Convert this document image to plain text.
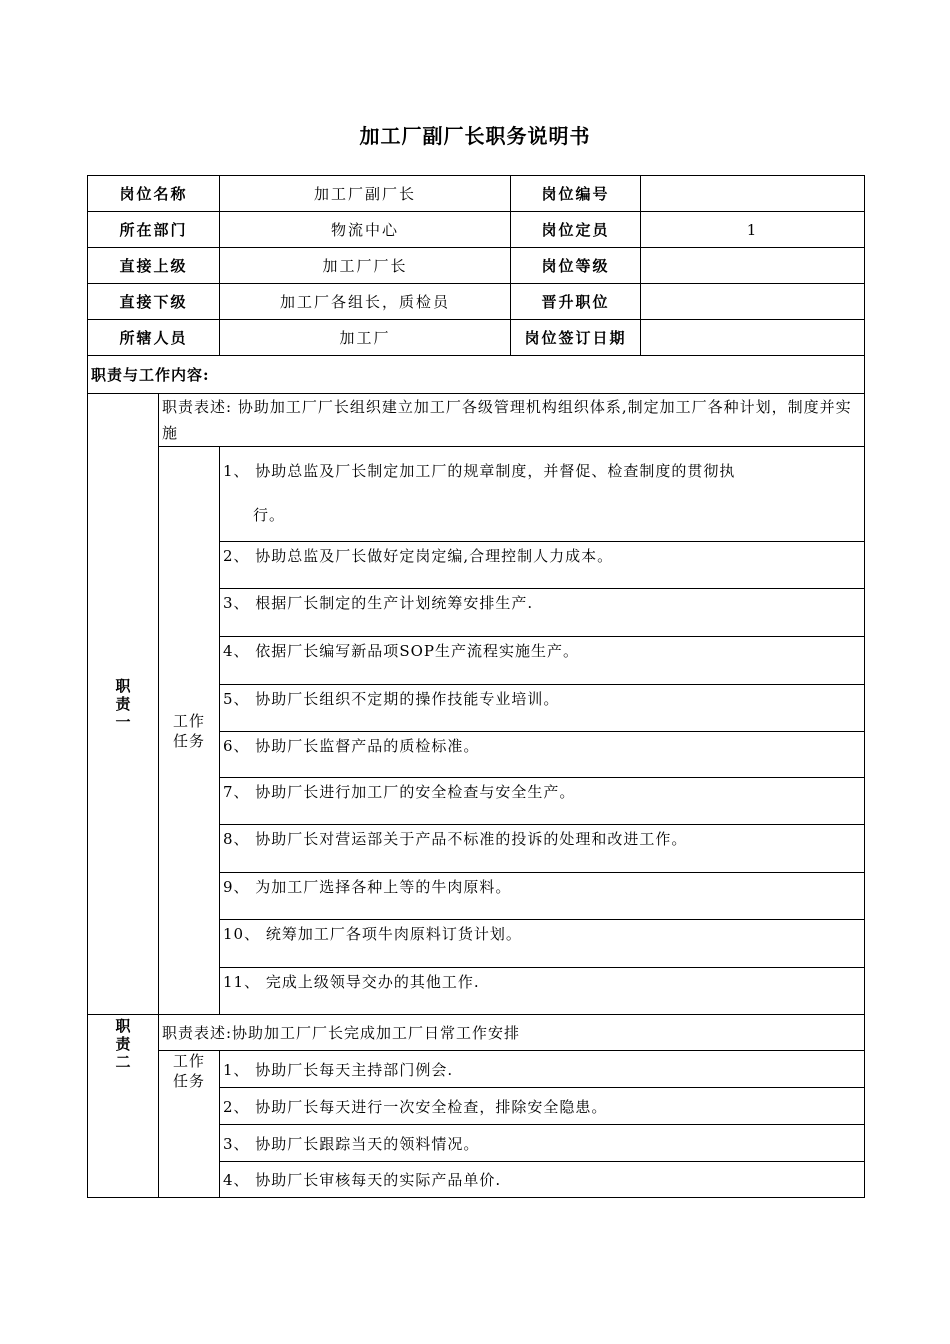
加工厂副厂长职务说明书
岗位名称		加工厂副厂长	岗位编号	
所在部门		物流中心	岗位定员	1
直接上级		加工厂厂长	岗位等级	
直接下级		加工厂各组长，质检员	晋升职位	
所辖人员		加工厂	岗位签订日期	
职责与工作内容:				

职
责
一	职责表述: 协助加工厂厂长组织建立加工厂各级管理机构组织体系,制定加工厂各种计划，制度并实施			

	工作
任务	1、 协助总监及厂长制定加工厂的规章制度，并督促、检查制度的贯彻执
行。		

		2、 协助总监及厂长做好定岗定编,合理控制人力成本。		
		3、 根据厂长制定的生产计划统筹安排生产.		
		4、 依据厂长编写新品项SOP生产流程实施生产。		
		5、 协助厂长组织不定期的操作技能专业培训。		
		6、 协助厂长监督产品的质检标准。		
		7、 协助厂长进行加工厂的安全检查与安全生产。		
		8、 协助厂长对营运部关于产品不标准的投诉的处理和改进工作。		
		9、 为加工厂选择各种上等的牛肉原料。		
		10、 统筹加工厂各项牛肉原料订货计划。		
		11、 完成上级领导交办的其他工作.		

职
责
二	职责表述:协助加工厂厂长完成加工厂日常工作安排			

	工作
任务	1、 协助厂长每天主持部门例会.		
		2、 协助厂长每天进行一次安全检查，排除安全隐患。		
		3、 协助厂长跟踪当天的领料情况。		
		4、 协助厂长审核每天的实际产品单价.		
